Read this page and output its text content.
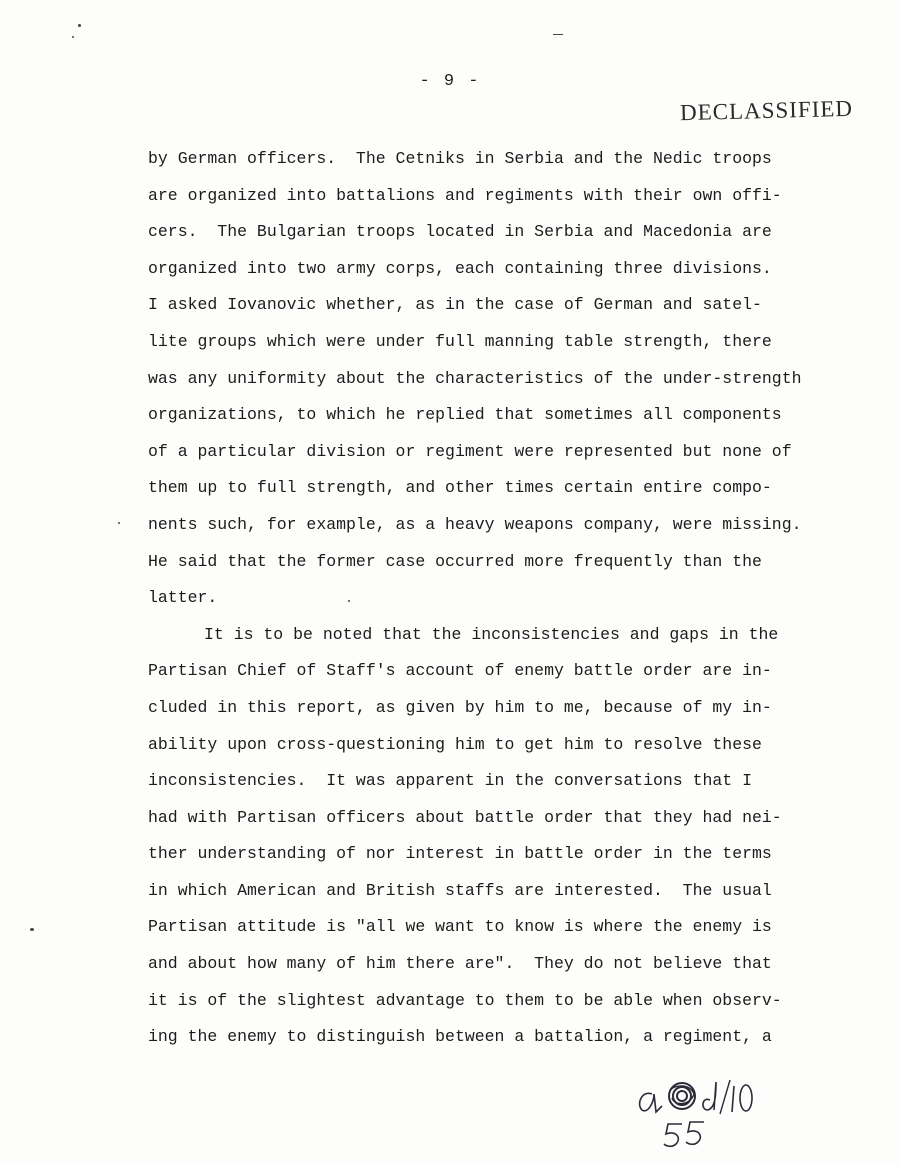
- 9 -
DECLASSIFIED
by German officers.  The Cetniks in Serbia and the Nedic troops
are organized into battalions and regiments with their own offi-
cers.  The Bulgarian troops located in Serbia and Macedonia are
organized into two army corps, each containing three divisions.
I asked Iovanovic whether, as in the case of German and satel-
lite groups which were under full manning table strength, there
was any uniformity about the characteristics of the under-strength
organizations, to which he replied that sometimes all components
of a particular division or regiment were represented but none of
them up to full strength, and other times certain entire compo-
nents such, for example, as a heavy weapons company, were missing.
He said that the former case occurred more frequently than the
latter.
It is to be noted that the inconsistencies and gaps in the
Partisan Chief of Staff's account of enemy battle order are in-
cluded in this report, as given by him to me, because of my in-
ability upon cross-questioning him to get him to resolve these
inconsistencies.  It was apparent in the conversations that I
had with Partisan officers about battle order that they had nei-
ther understanding of nor interest in battle order in the terms
in which American and British staffs are interested.  The usual
Partisan attitude is "all we want to know is where the enemy is
and about how many of him there are".  They do not believe that
it is of the slightest advantage to them to be able when observ-
ing the enemy to distinguish between a battalion, a regiment, a
